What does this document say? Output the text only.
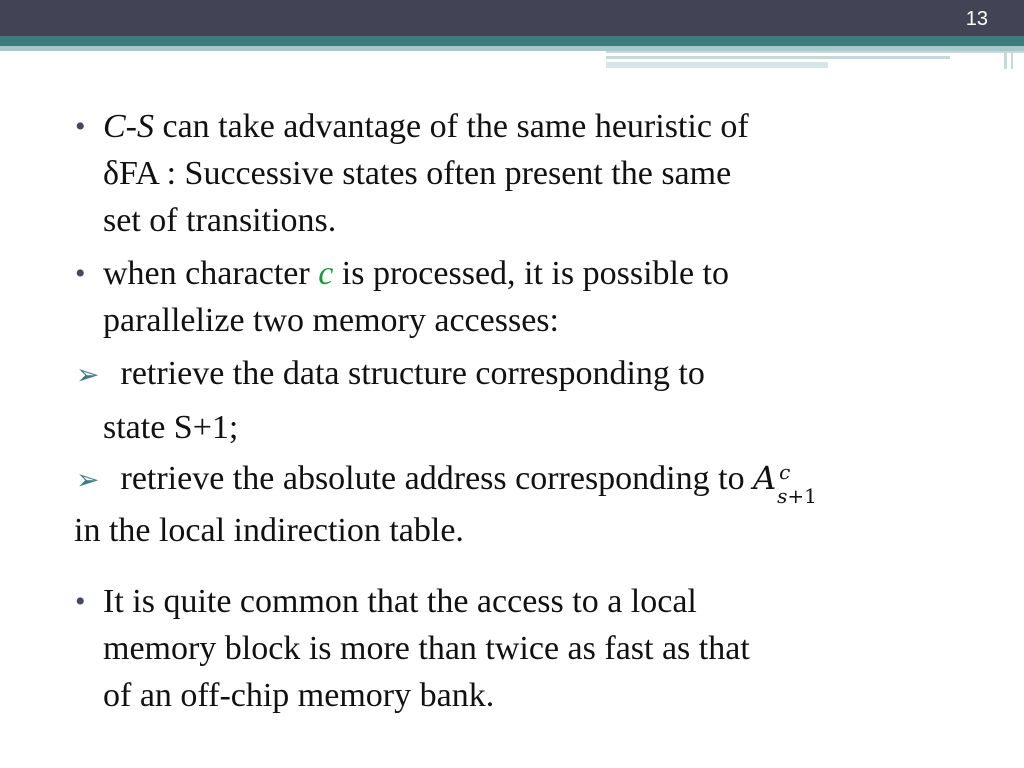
13
• C-S can take advantage of the same heuristic of
δFA : Successive states often present the same
set of transitions.
• when character c is processed, it is possible to
parallelize two memory accesses:
➢ retrieve the data structure corresponding to
state S+1;
➢ retrieve the absolute address corresponding to A c
s+1
in the local indirection table.
• It is quite common that the access to a local
memory block is more than twice as fast as that
of an off-chip memory bank.
